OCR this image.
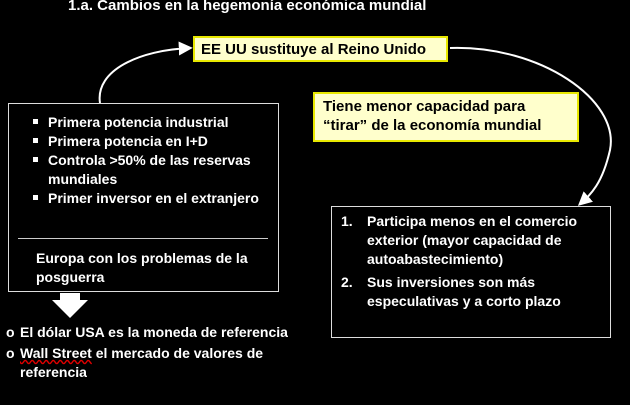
1.a. Cambios en la hegemonía económica mundial
EE UU sustituye al Reino Unido
Tiene menor capacidad para
“tirar” de la economía mundial
Primera potencia industrial
Primera potencia en I+D
Controla >50% de las reservas mundiales
Primer inversor en el extranjero
Europa con los problemas de la posguerra
1. Participa menos en el comercio exterior (mayor capacidad de autoabastecimiento)
2. Sus inversiones son más especulativas y a corto plazo
o El dólar USA es la moneda de referencia
o Wall Street el mercado de valores de referencia
